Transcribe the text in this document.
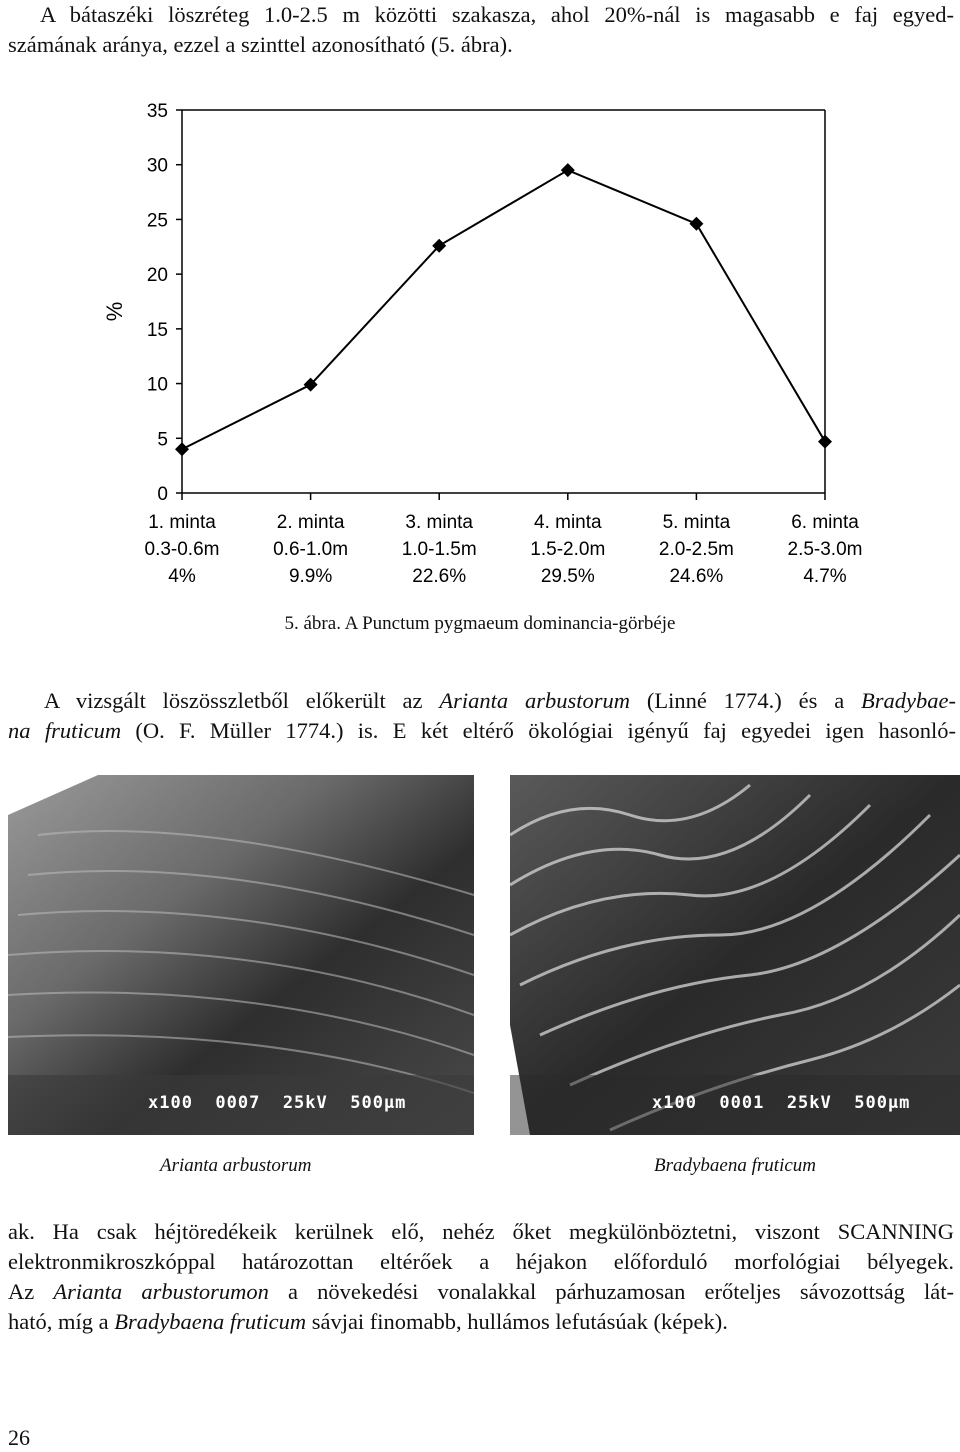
A bátaszéki löszréteg 1.0-2.5 m közötti szakasza, ahol 20%-nál is magasabb e faj egyed-
számának aránya, ezzel a szinttel azonosítható (5. ábra).
0
5
10
15
20
25
30
35
%
1. minta
0.3-0.6m
4%
2. minta
0.6-1.0m
9.9%
3. minta
1.0-1.5m
22.6%
4. minta
1.5-2.0m
29.5%
5. minta
2.0-2.5m
24.6%
6. minta
2.5-3.0m
4.7%
5. ábra. A Punctum pygmaeum dominancia-görbéje
A vizsgált löszösszletből előkerült az Arianta arbustorum (Linné 1774.) és a Bradybae-
na fruticum (O. F. Müller 1774.) is. E két eltérő ökológiai igényű faj egyedei igen hasonló-
x100  0007  25kV  500µm	x100  0001  25kV  500µm
Arianta arbustorum	Bradybaena fruticum
ak. Ha csak héjtöredékeik kerülnek elő, nehéz őket megkülönböztetni, viszont SCANNING
elektronmikroszkóppal határozottan eltérőek a héjakon előforduló morfológiai bélyegek.
Az Arianta arbustorumon a növekedési vonalakkal párhuzamosan erőteljes sávozottság lát-
ható, míg a Bradybaena fruticum sávjai finomabb, hullámos lefutásúak (képek).
26
